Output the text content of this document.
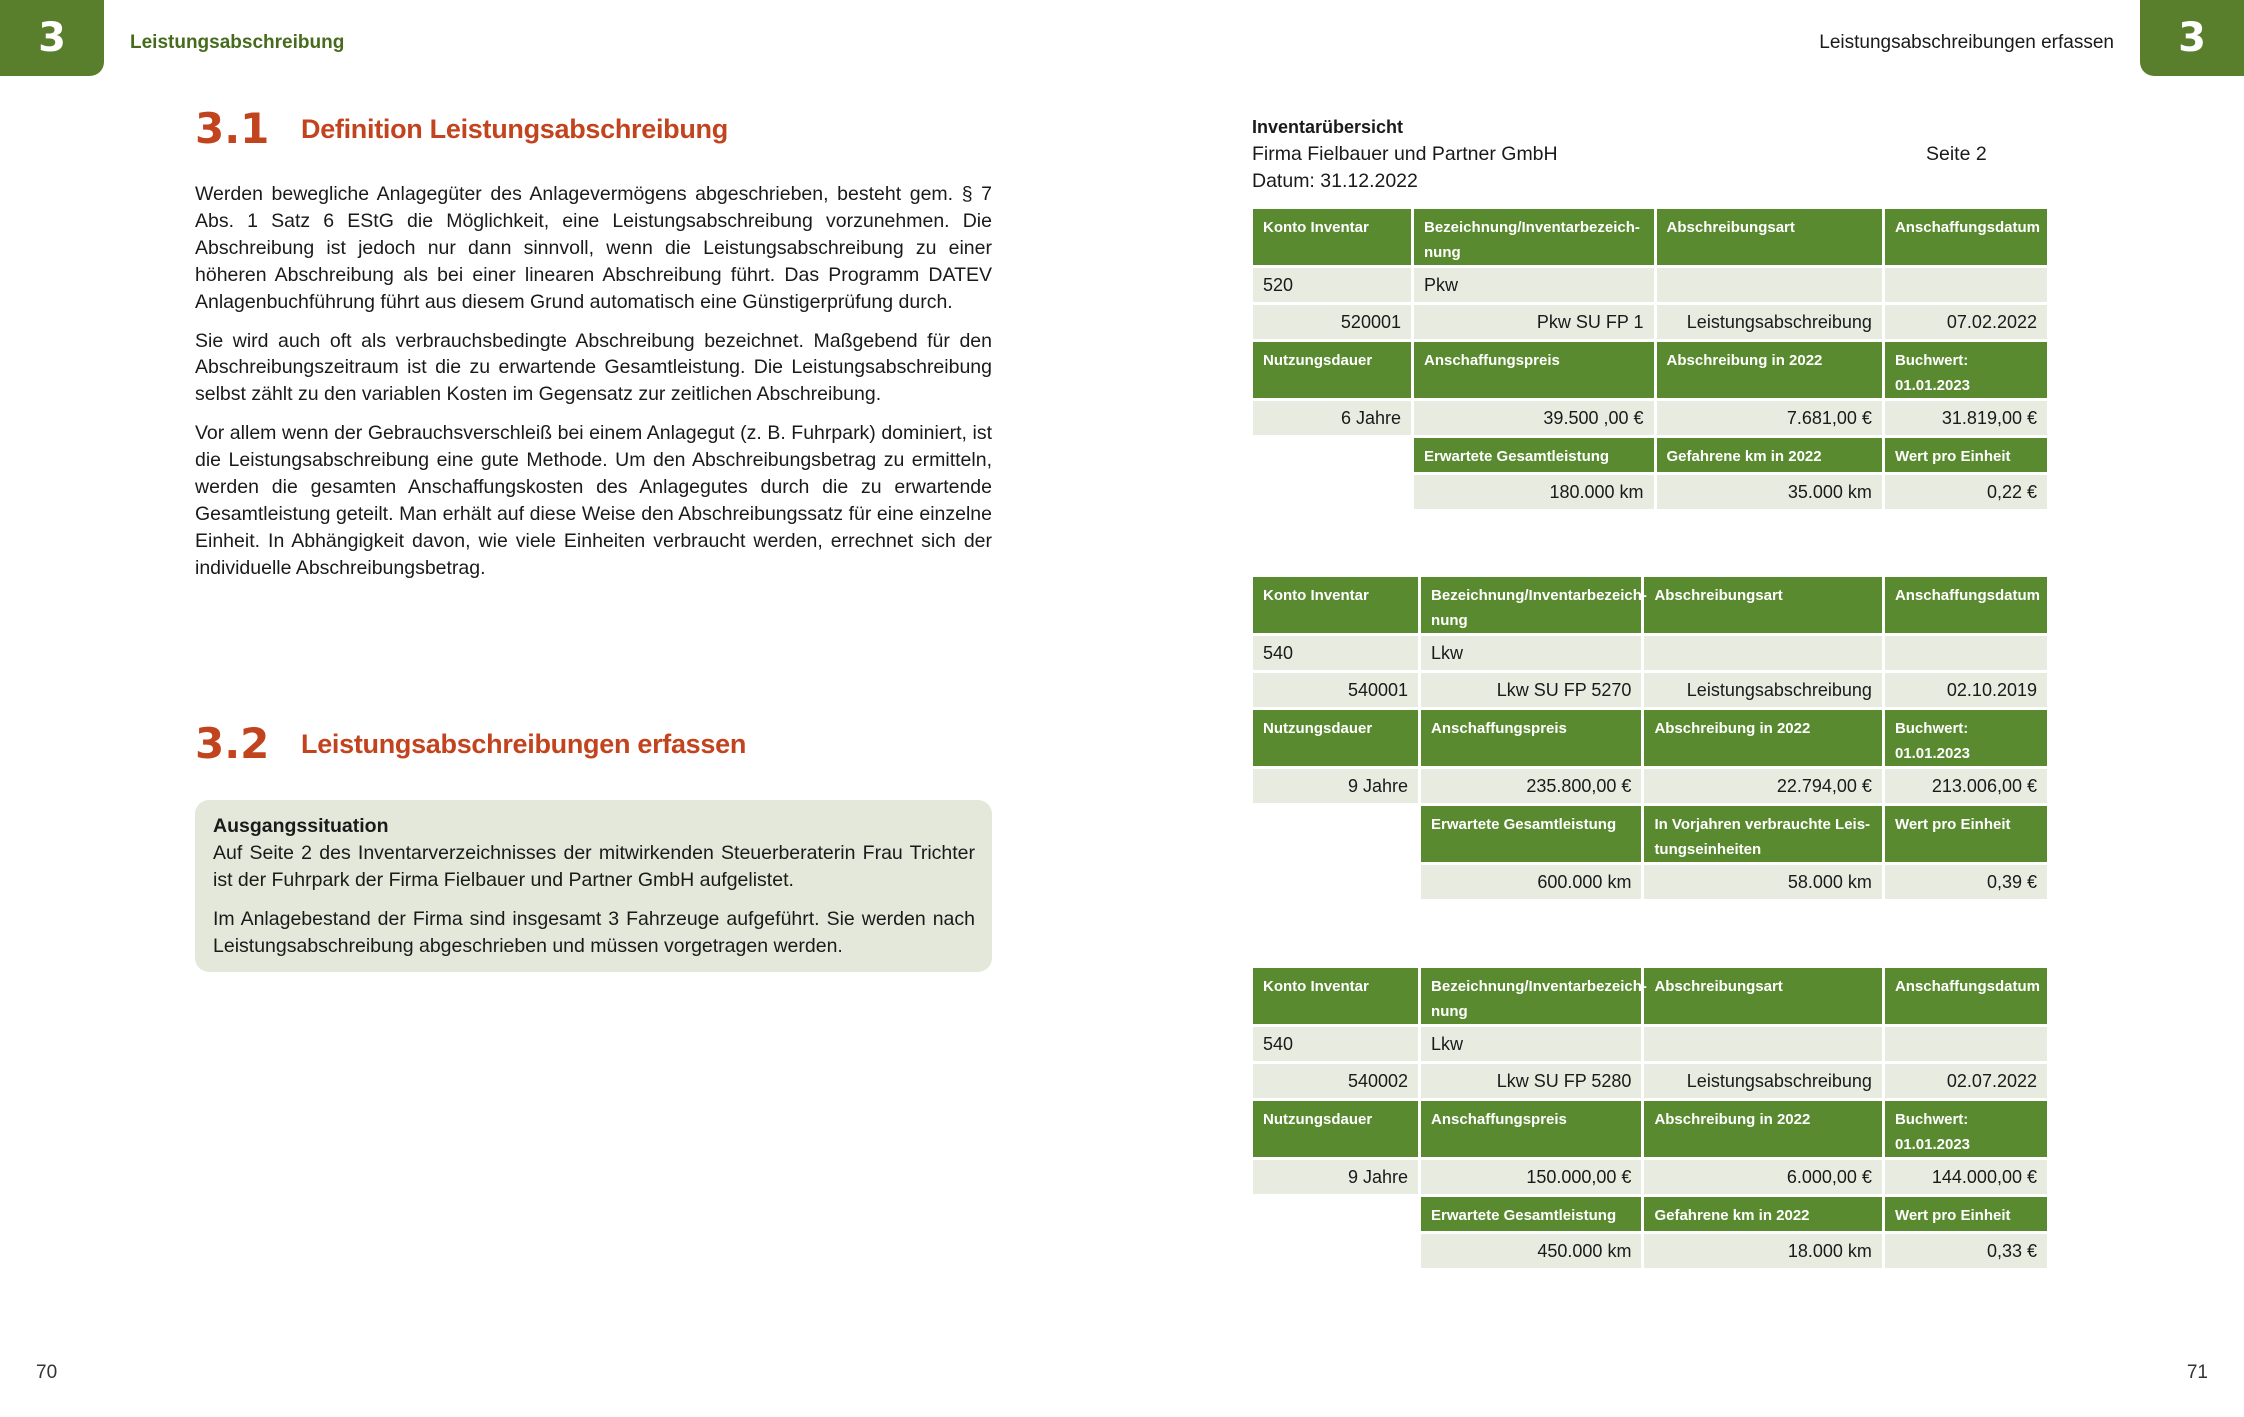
3	Leistungsabschreibung	Leistungsabschreibungen erfassen	3
3.1 Definition Leistungsabschreibung

Werden bewegliche Anlagegüter des Anlagevermögens abgeschrieben, besteht gem. § 7 Abs. 1 Satz 6 EStG die Möglichkeit, eine Leistungsabschreibung vorzunehmen. Die Abschreibung ist jedoch nur dann sinnvoll, wenn die Leistungsabschreibung zu einer höheren Abschreibung als bei einer linearen Abschreibung führt. Das Programm DATEV Anlagenbuchführung führt aus diesem Grund automatisch eine Günstigerprüfung durch.

Sie wird auch oft als verbrauchsbedingte Abschreibung bezeichnet. Maßgebend für den Abschreibungszeitraum ist die zu erwartende Gesamtleistung. Die Leistungsabschreibung selbst zählt zu den variablen Kosten im Gegensatz zur zeitlichen Abschreibung.

Vor allem wenn der Gebrauchsverschleiß bei einem Anlagegut (z. B. Fuhrpark) dominiert, ist die Leistungsabschreibung eine gute Methode. Um den Abschreibungsbetrag zu ermitteln, werden die gesamten Anschaffungskosten des Anlagegutes durch die zu erwartende Gesamtleistung geteilt. Man erhält auf diese Weise den Abschreibungssatz für eine einzelne Einheit. In Abhängigkeit davon, wie viele Einheiten verbraucht werden, errechnet sich der individuelle Abschreibungsbetrag.

3.2 Leistungsabschreibungen erfassen
Ausgangssituation

Auf Seite 2 des Inventarverzeichnisses der mitwirkenden Steuerberaterin Frau Trichter ist der Fuhrpark der Firma Fielbauer und Partner GmbH aufgelistet.

Im Anlagebestand der Firma sind insgesamt 3 Fahrzeuge aufgeführt. Sie werden nach Leistungsabschreibung abgeschrieben und müssen vorgetragen werden.

Inventarübersicht
Firma Fielbauer und Partner GmbH	Seite 2
Datum: 31.12.2022
Konto Inventar	Bezeichnung/Inventarbezeich-nung	Abschreibungsart	Anschaffungsdatum
520	Pkw		
520001	Pkw SU FP 1	Leistungsabschreibung	07.02.2022
Nutzungsdauer	Anschaffungspreis	Abschreibung in 2022	Buchwert: 01.01.2023
6 Jahre	39.500 ,00 €	7.681,00 €	31.819,00 €
	Erwartete Gesamtleistung	Gefahrene km in 2022	Wert pro Einheit
	180.000 km	35.000 km	0,22 €
Konto Inventar	Bezeichnung/Inventarbezeich-nung	Abschreibungsart	Anschaffungsdatum
540	Lkw		
540001	Lkw SU FP 5270	Leistungsabschreibung	02.10.2019
Nutzungsdauer	Anschaffungspreis	Abschreibung in 2022	Buchwert: 01.01.2023
9 Jahre	235.800,00 €	22.794,00 €	213.006,00 €
	Erwartete Gesamtleistung	In Vorjahren verbrauchte Leis-tungseinheiten	Wert pro Einheit
	600.000 km	58.000 km	0,39 €
Konto Inventar	Bezeichnung/Inventarbezeich-nung	Abschreibungsart	Anschaffungsdatum
540	Lkw		
540002	Lkw SU FP 5280	Leistungsabschreibung	02.07.2022
Nutzungsdauer	Anschaffungspreis	Abschreibung in 2022	Buchwert: 01.01.2023
9 Jahre	150.000,00 €	6.000,00 €	144.000,00 €
	Erwartete Gesamtleistung	Gefahrene km in 2022	Wert pro Einheit
	450.000 km	18.000 km	0,33 €
70	71
